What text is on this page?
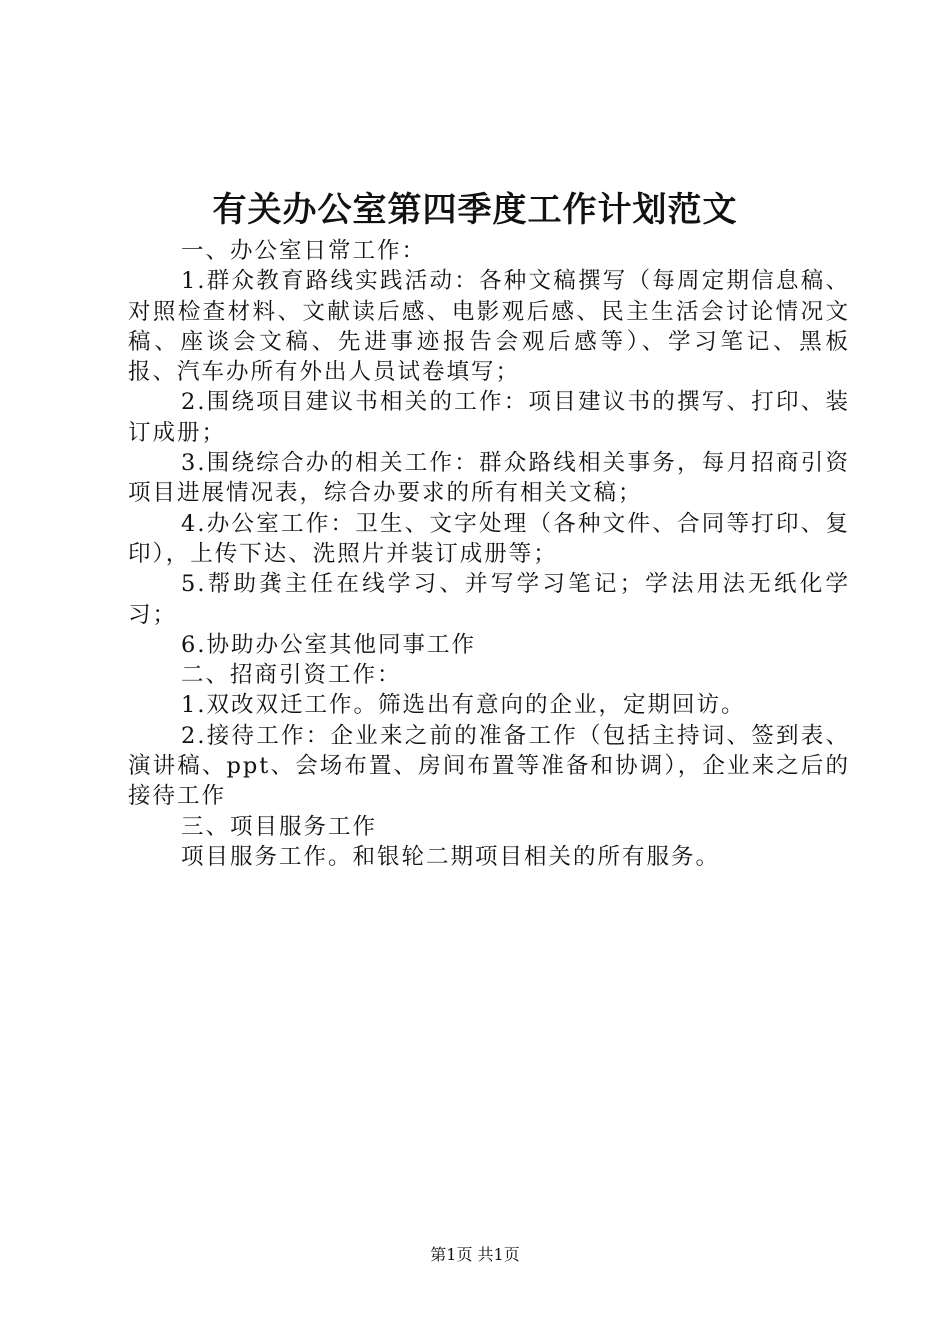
有关办公室第四季度工作计划范文

一、办公室日常工作：

1.群众教育路线实践活动：各种文稿撰写（每周定期信息稿、对照检查材料、文献读后感、电影观后感、民主生活会讨论情况文稿、座谈会文稿、先进事迹报告会观后感等）、学习笔记、黑板报、汽车办所有外出人员试卷填写；

2.围绕项目建议书相关的工作：项目建议书的撰写、打印、装订成册；

3.围绕综合办的相关工作：群众路线相关事务，每月招商引资项目进展情况表，综合办要求的所有相关文稿；

4.办公室工作：卫生、文字处理（各种文件、合同等打印、复印），上传下达、洗照片并装订成册等；

5.帮助龚主任在线学习、并写学习笔记；学法用法无纸化学习；

6.协助办公室其他同事工作

二、招商引资工作：

1.双改双迁工作。筛选出有意向的企业，定期回访。

2.接待工作：企业来之前的准备工作（包括主持词、签到表、演讲稿、ppt、会场布置、房间布置等准备和协调），企业来之后的接待工作

三、项目服务工作

项目服务工作。和银轮二期项目相关的所有服务。

第1页 共1页
